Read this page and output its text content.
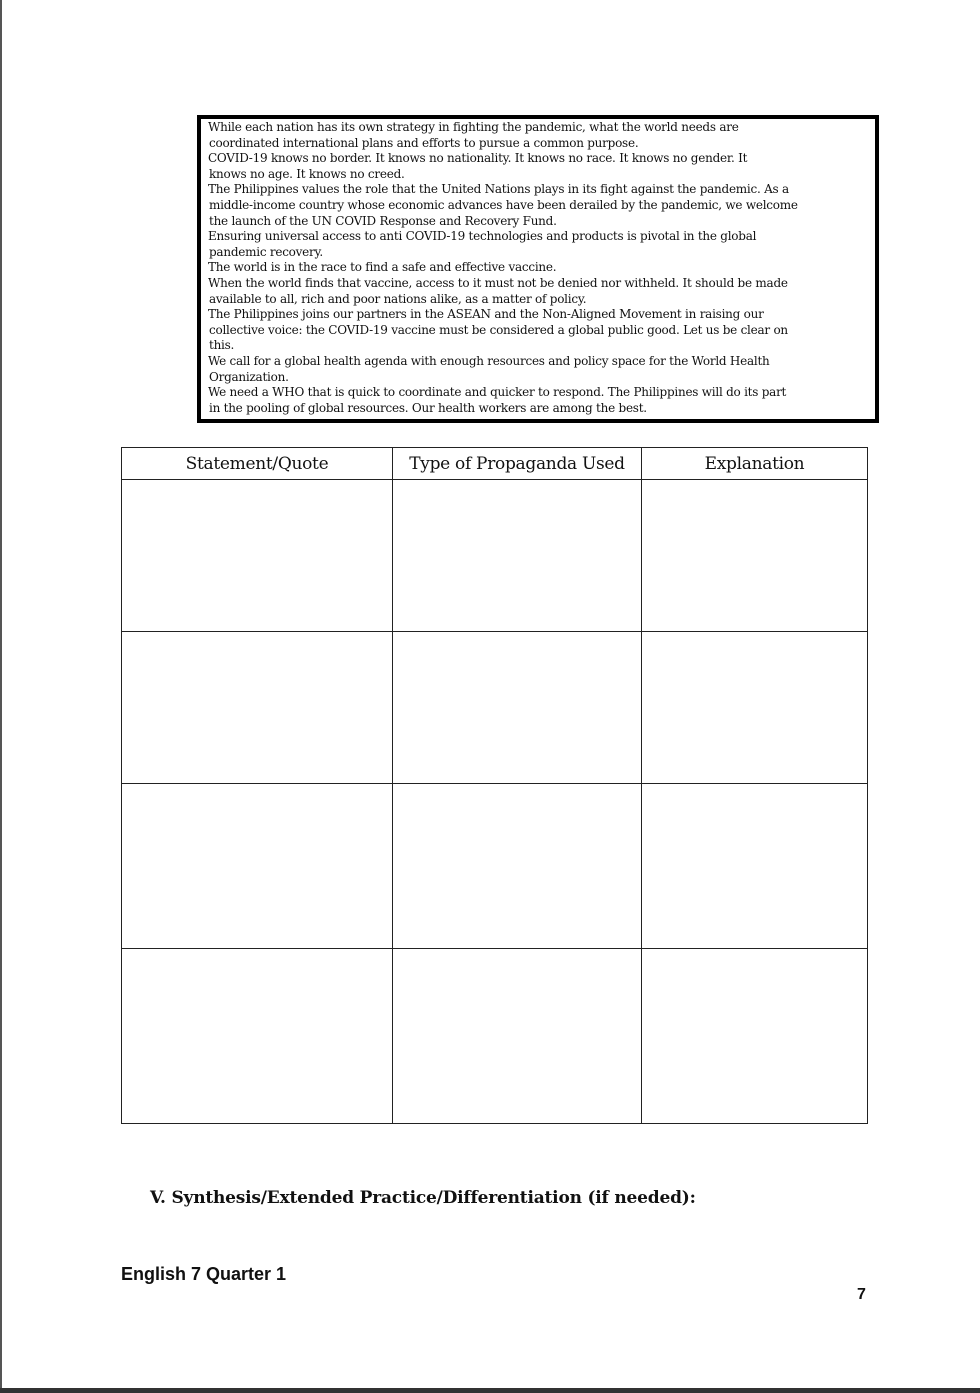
While each nation has its own strategy in fighting the pandemic, what the world needs are
coordinated international plans and efforts to pursue a common purpose.
COVID-19 knows no border. It knows no nationality. It knows no race. It knows no gender. It
knows no age. It knows no creed.
The Philippines values the role that the United Nations plays in its fight against the pandemic. As a
middle-income country whose economic advances have been derailed by the pandemic, we welcome
the launch of the UN COVID Response and Recovery Fund.
Ensuring universal access to anti COVID-19 technologies and products is pivotal in the global
pandemic recovery.
The world is in the race to find a safe and effective vaccine.
When the world finds that vaccine, access to it must not be denied nor withheld. It should be made
available to all, rich and poor nations alike, as a matter of policy.
The Philippines joins our partners in the ASEAN and the Non-Aligned Movement in raising our
collective voice: the COVID-19 vaccine must be considered a global public good. Let us be clear on
this.
We call for a global health agenda with enough resources and policy space for the World Health
Organization.
We need a WHO that is quick to coordinate and quicker to respond. The Philippines will do its part
in the pooling of global resources. Our health workers are among the best.
Statement/Quote	Type of Propaganda Used	Explanation

V. Synthesis/Extended Practice/Differentiation (if needed):
English 7 Quarter 1
7
